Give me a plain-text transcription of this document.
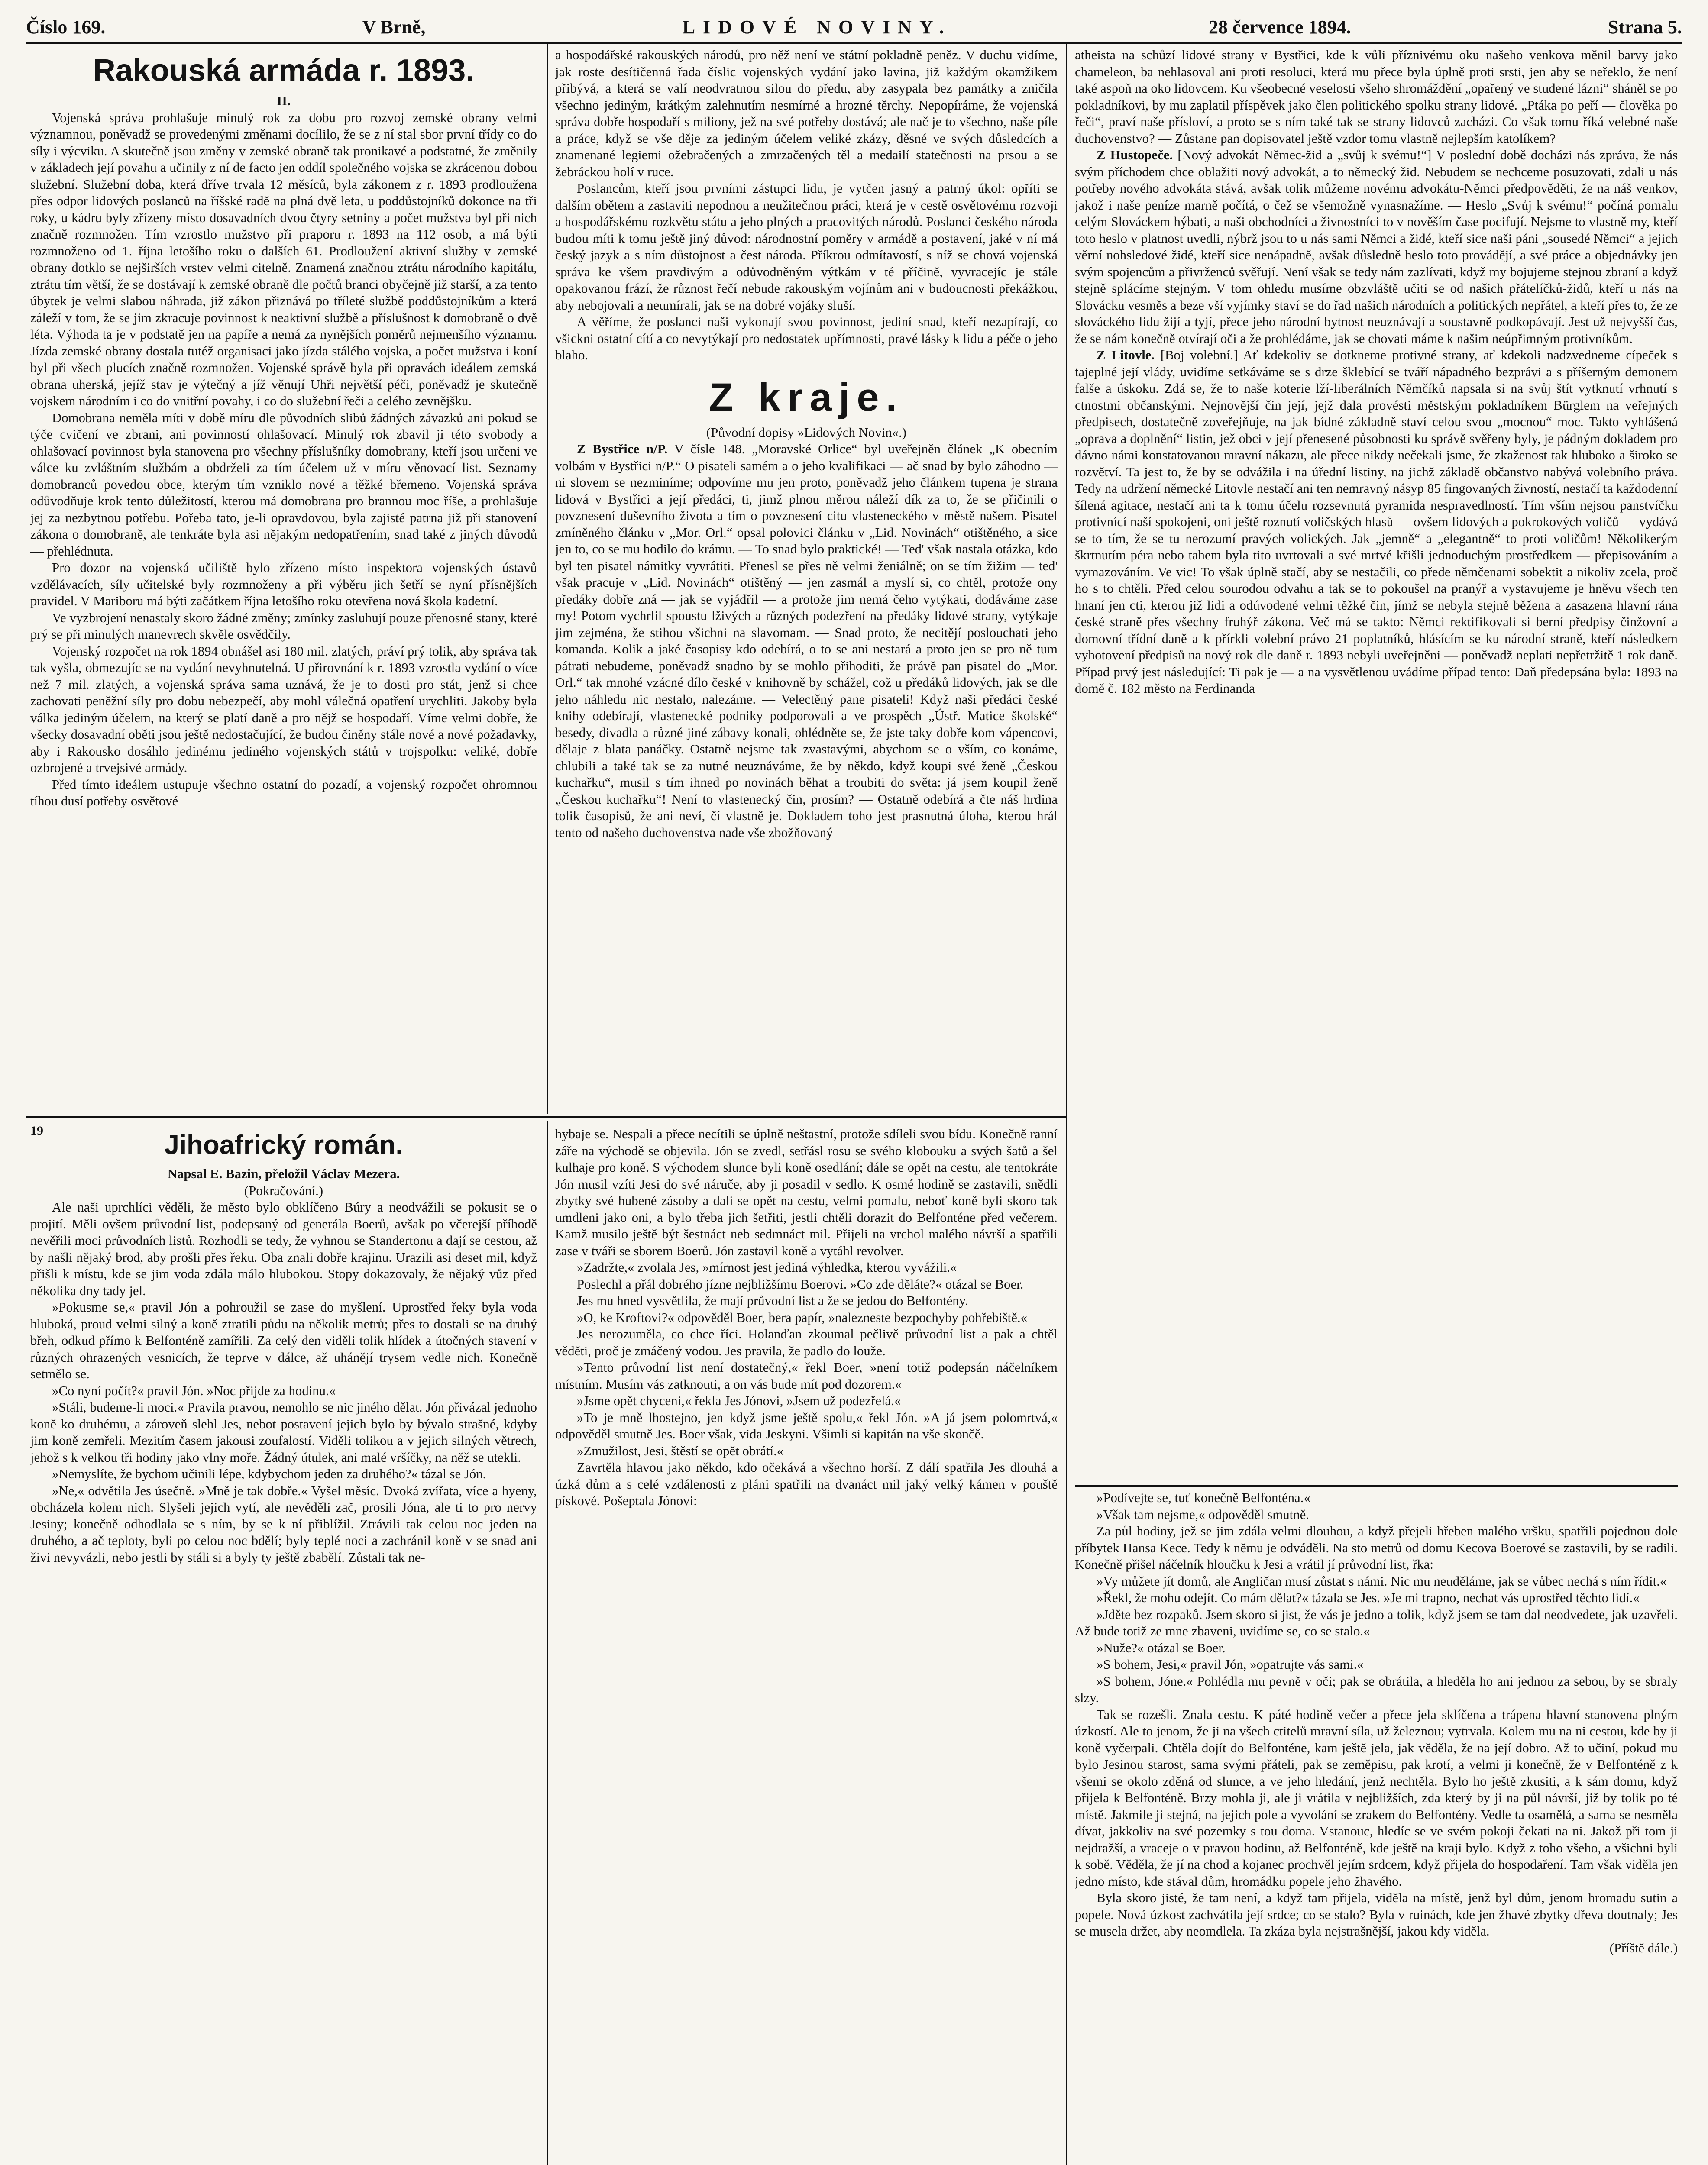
Číslo 169.	V Brně,	LIDOVÉ NOVINY.	28 července 1894.	Strana 5.
Rakouská armáda r. 1893.

II.

Vojenská správa prohlašuje minulý rok za dobu pro rozvoj zemské obrany velmi významnou, poněvadž se provedenými změnami docílilo, že se z ní stal sbor první třídy co do síly i výcviku. A skutečně jsou změny v zemské obraně tak pronikavé a podstatné, že změnily v základech její povahu a učinily z ní de facto jen oddíl společného vojska se zkrácenou dobou služební. Služební doba, která dříve trvala 12 měsíců, byla zákonem z r. 1893 prodloužena přes odpor lidových poslanců na říšské radě na plná dvě leta, u poddůstojníků dokonce na tři roky, u kádru byly zřízeny místo dosavadních dvou čtyry setniny a počet mužstva byl při nich značně rozmnožen. Tím vzrostlo mužstvo při praporu r. 1893 na 112 osob, a má býti rozmnoženo od 1. října letošího roku o dalších 61. Prodloužení aktivní služby v zemské obrany dotklo se nejširších vrstev velmi citelně. Znamená značnou ztrátu národního kapitálu, ztrátu tím větší, že se dostávají k zemské obraně dle počtů branci obyčejně již starší, a za tento úbytek je velmi slabou náhrada, již zákon přiznává po tříleté službě poddůstojníkům a která záleží v tom, že se jim zkracuje povinnost k neaktivní službě a příslušnost k domobraně o dvě léta. Výhoda ta je v podstatě jen na papíře a nemá za nynějších poměrů nejmenšího významu. Jízda zemské obrany dostala tutéž organisaci jako jízda stálého vojska, a počet mužstva i koní byl při všech plucích značně rozmnožen. Vojenské správě byla při opravách ideálem zemská obrana uherská, jejíž stav je výtečný a jíž věnují Uhři největší péči, poněvadž je skutečně vojskem národním i co do vnitřní povahy, i co do služební řeči a celého zevnějšku.

Domobrana neměla míti v době míru dle původních slibů žádných závazků ani pokud se týče cvičení ve zbrani, ani povinností ohlašovací. Minulý rok zbavil ji této svobody a ohlašovací povinnost byla stanovena pro všechny příslušníky domobrany, kteří jsou určeni ve válce ku zvláštním službám a obdrželi za tím účelem už v míru věnovací list. Seznamy domobranců povedou obce, kterým tím vzniklo nové a těžké břemeno. Vojenská správa odůvodňuje krok tento důležitostí, kterou má domobrana pro brannou moc říše, a prohlašuje jej za nezbytnou potřebu. Pořeba tato, je-li opravdovou, byla zajisté patrna již při stanovení zákona o domobraně, ale tenkráte byla asi nějakým nedopatřením, snad také z jiných důvodů — přehlédnuta.

Pro dozor na vojenská učiliště bylo zřízeno místo inspektora vojenských ústavů vzdělávacích, síly učitelské byly rozmnoženy a při výběru jich šetří se nyní přísnějších pravidel. V Mariboru má býti začátkem října letošího roku otevřena nová škola kadetní.

Ve vyzbrojení nenastaly skoro žádné změny; zmínky zasluhují pouze přenosné stany, které prý se při minulých manevrech skvěle osvědčily.

Vojenský rozpočet na rok 1894 obnášel asi 180 mil. zlatých, práví prý tolik, aby správa tak tak vyšla, obmezujíc se na vydání nevyhnutelná. U přirovnání k r. 1893 vzrostla vydání o více než 7 mil. zlatých, a vojenská správa sama uznává, že je to dosti pro stát, jenž si chce zachovati peněžní síly pro dobu nebezpečí, aby mohl válečná opatření urychliti. Jakoby byla válka jediným účelem, na který se platí daně a pro nějž se hospodaří. Víme velmi dobře, že všecky dosavadní oběti jsou ještě nedostačující, že budou činěny stále nové a nové požadavky, aby i Rakousko dosáhlo jedinému jediného vojenských států v trojspolku: veliké, dobře ozbrojené a trvejsivé armády.

Před tímto ideálem ustupuje všechno ostatní do pozadí, a vojenský rozpočet ohromnou tíhou dusí potřeby osvětové

a hospodářské rakouských národů, pro něž není ve státní pokladně peněz. V duchu vidíme, jak roste desítičenná řada číslic vojenských vydání jako lavina, již každým okamžikem přibývá, a která se valí neodvratnou silou do předu, aby zasypala bez památky a zničila všechno jediným, krátkým zalehnutím nesmírné a hrozné těrchy. Nepopíráme, že vojenská správa dobře hospodaří s miliony, jež na své potřeby dostává; ale nač je to všechno, naše píle a práce, když se vše děje za jediným účelem veliké zkázy, děsné ve svých důsledcích a znamenané legiemi ožebračených a zmrzačených těl a medailí statečnosti na prsou a se žebráckou holí v ruce.

Poslancům, kteří jsou prvními zástupci lidu, je vytčen jasný a patrný úkol: opříti se dalším obětem a zastaviti nepodnou a neužitečnou práci, která je v cestě osvětovému rozvoji a hospodářskému rozkvětu státu a jeho plných a pracovitých národů. Poslanci českého národa budou míti k tomu ještě jiný důvod: národnostní poměry v armádě a postavení, jaké v ní má český jazyk a s ním důstojnost a čest národa. Příkrou odmítavostí, s níž se chová vojenská správa ke všem pravdivým a odůvodněným výtkám v té příčině, vyvracejíc je stále opakovanou frází, že různost řečí nebude rakouským vojínům ani v budoucnosti překážkou, aby nebojovali a neumírali, jak se na dobré vojáky sluší.

A věříme, že poslanci naši vykonají svou povinnost, jediní snad, kteří nezapírají, co všickni ostatní cítí a co nevytýkají pro nedostatek upřímnosti, pravé lásky k lidu a péče o jeho blaho.

Z kraje.

(Původní dopisy »Lidových Novin«.)

Z Bystřice n/P. V čísle 148. „Moravské Orlice“ byl uveřejněn článek „K obecním volbám v Bystřici n/P.“ O pisateli samém a o jeho kvalifikaci — ač snad by bylo záhodno — ni slovem se nezminíme; odpovíme mu jen proto, poněvadž jeho článkem tupena je strana lidová v Bystřici a její předáci, ti, jimž plnou měrou náleží dík za to, že se přičinili o povznesení duševního života a tím o povznesení citu vlasteneckého v městě našem. Pisatel zmíněného článku v „Mor. Orl.“ opsal polovici článku v „Lid. Novinách“ otištěného, a sice jen to, co se mu hodilo do krámu. — To snad bylo praktické! — Ted' však nastala otázka, kdo byl ten pisatel námitky vyvrátiti. Přenesl se přes ně velmi ženiálně; on se tím žižim — ted' však pracuje v „Lid. Novinách“ otištěný — jen zasmál a myslí si, co chtěl, protože ony předáky dobře zná — jak se vyjádřil — a protože jim nemá čeho vytýkati, dodáváme zase my! Potom vychrlil spoustu lživých a různých podezření na předáky lidové strany, vytýkaje jim zejména, že stihou všichni na slavomam. — Snad proto, že necitějí poslouchati jeho komanda. Kolik a jaké časopisy kdo odebírá, o to se ani nestará a proto jen se pro ně tum pátrati nebudeme, poněvadž snadno by se mohlo přihoditi, že právě pan pisatel do „Mor. Orl.“ tak mnohé vzácné dílo české v knihovně by schážel, což u předáků lidových, jak se dle jeho náhledu nic nestalo, nalezáme. — Velectěný pane pisateli! Když naši předáci české knihy odebírají, vlastenecké podniky podporovali a ve prospěch „Ústř. Matice školské“ besedy, divadla a různé jiné zábavy konali, ohlédněte se, že jste taky dobře kom vápencovi, dělaje z blata panáčky. Ostatně nejsme tak zvastavými, abychom se o vším, co konáme, chlubili a také tak se za nutné neuznáváme, že by někdo, když koupi své ženě „Českou kuchařku“, musil s tím ihned po novinách běhat a troubiti do světa: já jsem koupil ženě „Českou kuchařku“! Není to vlastenecký čin, prosím? — Ostatně odebírá a čte náš hrdina tolik časopisů, že ani neví, čí vlastně je. Dokladem toho jest prasnutná úloha, kterou hrál tento od našeho duchovenstva nade vše zbožňovaný

atheista na schůzí lidové strany v Bystřici, kde k vůli příznivému oku našeho venkova měnil barvy jako chameleon, ba nehlasoval ani proti resoluci, která mu přece byla úplně proti srsti, jen aby se neřeklo, že není také aspoň na oko lidovcem. Ku všeobecné veselosti všeho shromáždění „opařený ve studené lázni“ sháněl se po pokladníkovi, by mu zaplatil příspěvek jako člen politického spolku strany lidové. „Ptáka po peří — člověka po řeči“, praví naše přísloví, a proto se s ním také tak se strany lidovců zacházi. Co však tomu říká velebné naše duchovenstvo? — Zůstane pan dopisovatel ještě vzdor tomu vlastně nejlepším katolíkem?

Z Hustopeče. [Nový advokát Němec-žid a „svůj k svému!“] V poslední době docházi nás zpráva, že nás svým příchodem chce oblažiti nový advokát, a to německý žid. Nebudem se nechceme posuzovati, zdali u nás potřeby nového advokáta stává, avšak tolik můžeme novému advokátu-Němci předpověděti, že na náš venkov, jakož i naše peníze marně počítá, o čež se všemožně vynasnažíme. — Heslo „Svůj k svému!“ počíná pomalu celým Slováckem hýbati, a naši obchodníci a živnostníci to v nověším čase pocifují. Nejsme to vlastně my, kteří toto heslo v platnost uvedli, nýbrž jsou to u nás sami Němci a židé, kteří sice naši páni „sousedé Němci“ a jejich věrní nohsledové židé, kteří sice nenápadně, avšak důsledně heslo toto provádějí, a své práce a objednávky jen svým spojencům a přivrženců svěřují. Není však se tedy nám zazlívati, když my bojujeme stejnou zbraní a když stejně splácíme stejným. V tom ohledu musíme obzvláště učiti se od našich přátelíčků-židů, kteří u nás na Slovácku vesměs a beze vší vyjímky staví se do řad našich národních a politických nepřátel, a kteří přes to, že ze slováckého lidu žijí a tyjí, přece jeho národní bytnost neuznávají a soustavně podkopávají. Jest už nejvyšší čas, že se nám konečně otvírají oči a že prohlédáme, jak se chovati máme k našim neúpřimným protivníkům.

Z Litovle. [Boj volební.] Ať kdekoliv se dotkneme protivné strany, ať kdekoli nadzvedneme cípeček s tajeplné její vlády, uvidíme setkáváme se s drze šklebící se tváří nápadného bezprávi a s příšerným demonem falše a úskoku. Zdá se, že to naše koterie lží-liberálních Němčíků napsala si na svůj štít vytknutí vrhnutí s ctnostmi občanskými. Nejnovější čin její, jejž dala provésti městským pokladníkem Bürglem na veřejných předpisech, dostatečně zoveřejňuje, na jak bídné základně staví celou svou „mocnou“ moc. Takto vyhlášená „oprava a doplnění“ listin, jež obci v její přenesené působnosti ku správě svěřeny byly, je pádným dokladem pro dávno námi konstatovanou mravní nákazu, ale přece nikdy nečekali jsme, že zkaženost tak hluboko a široko se rozvětví. Ta jest to, že by se odvážila i na úřední listiny, na jichž základě občanstvo nabývá volebního práva. Tedy na udržení německé Litovle nestačí ani ten nemravný násyp 85 fingovaných živností, nestačí ta každodenní šílená agitace, nestačí ani ta k tomu účelu rozsevnutá pyramida nespravedlností. Tím vším nejsou panstvíčku protivnící naší spokojeni, oni ještě roznutí voličských hlasů — ovšem lidových a pokrokových voličů — vydává se to tím, že se tu nerozumí pravých volických. Jak „jemně“ a „elegantně“ to proti voličům! Několikerým škrtnutím péra nebo tahem byla tito uvrtovali a své mrtvé křišli jednoduchým prostředkem — přepisováním a vymazováním. Ve vic! To však úplně stačí, aby se nestačili, co přede němčenami sobektit a nikoliv zcela, proč ho s to chtěli. Před celou sourodou odvahu a tak se to pokoušel na pranýř a vystavujeme je hněvu všech ten hnaní jen cti, kterou již lidi a odúvodené velmi těžké čin, jímž se nebyla stejně běžena a zasazena hlavní rána české straně přes všechny fruhýř zákona. Več má se takto: Němci rektifikovali si berní předpisy činžovní a domovní třídní daně a k přírkli volební právo 21 poplatníků, hlásícím se ku národní straně, kteří následkem vyhotovení předpisů na nový rok dle daně r. 1893 nebyli uveřejněni — poněvadž neplati nepřetržitě 1 rok daně. Případ prvý jest následující: Ti pak je — a na vysvětlenou uvádíme případ tento: Daň předepsána byla: 1893 na domě č. 182 město na Ferdinanda

19	Jihoafrický román.

Napsal E. Bazin, přeložil Václav Mezera.

(Pokračování.)

Ale naši uprchlíci věděli, že město bylo obklíčeno Búry a neodvážili se pokusit se o projití. Měli ovšem průvodní list, podepsaný od generála Boerů, avšak po včerejší příhodě nevěřili moci průvodních listů. Rozhodli se tedy, že vyhnou se Standertonu a dají se cestou, až by našli nějaký brod, aby prošli přes řeku. Oba znali dobře krajinu. Urazili asi deset mil, když přišli k místu, kde se jim voda zdála málo hlubokou. Stopy dokazovaly, že nějaký vůz před několika dny tady jel.

»Pokusme se,« pravil Jón a pohroužil se zase do myšlení. Uprostřed řeky byla voda hluboká, proud velmi silný a koně ztratili půdu na několik metrů; přes to dostali se na druhý břeh, odkud přímo k Belfonténě zamířili. Za celý den viděli tolik hlídek a útočných stavení v různých ohrazených vesnicích, že teprve v dálce, až uhánějí trysem vedle nich. Konečně setmělo se.

»Co nyní počít?« pravil Jón. »Noc přijde za hodinu.«

»Stáli, budeme-li moci.« Pravila pravou, nemohlo se nic jiného dělat. Jón přivázal jednoho koně ko druhému, a zároveň slehl Jes, nebot postavení jejich bylo by bývalo strašné, kdyby jim koně zemřeli. Mezitím časem jakousi zoufalostí. Viděli tolikou a v jejich silných větrech, jehož s k velkou tři hodiny jako vlny moře. Žádný útulek, ani malé vršíčky, na něž se utekli.

»Nemyslíte, že bychom učinili lépe, kdybychom jeden za druhého?« tázal se Jón.

»Ne,« odvětila Jes úsečně. »Mně je tak dobře.« Vyšel měsíc. Dvoká zvířata, více a hyeny, obcházela kolem nich. Slyšeli jejich vytí, ale nevěděli zač, prosili Jóna, ale ti to pro nervy Jesiny; konečně odhodlala se s ním, by se k ní přiblížil. Ztrávili tak celou noc jeden na druhého, a ač teploty, byli po celou noc bdělí; byly teplé noci a zachránil koně v se snad ani živi nevyvázli, nebo jestli by stáli si a byly ty ještě zbabělí. Zůstali tak ne-

hybaje se. Nespali a přece necítili se úplně neštastní, protože sdíleli svou bídu. Konečně ranní záře na východě se objevila. Jón se zvedl, setřásl rosu se svého klobouku a svých šatů a šel kulhaje pro koně. S východem slunce byli koně osedlání; dále se opět na cestu, ale tentokráte Jón musil vzíti Jesi do své náruče, aby ji posadil v sedlo. K osmé hodině se zastavili, snědli zbytky své hubené zásoby a dali se opět na cestu, velmi pomalu, neboť koně byli skoro tak umdleni jako oni, a bylo třeba jich šetřiti, jestli chtěli dorazit do Belfonténe před večerem. Kamž musilo ještě být šestnáct neb sedmnáct mil. Přijeli na vrchol malého návrší a spatřili zase v tváři se sborem Boerů. Jón zastavil koně a vytáhl revolver.

»Zadržte,« zvolala Jes, »mírnost jest jediná výhledka, kterou vyvážili.«

Poslechl a přál dobrého jízne nejbližšímu Boerovi. »Co zde děláte?« otázal se Boer.

Jes mu hned vysvětlila, že mají průvodní list a že se jedou do Belfontény.

»O, ke Kroftovi?« odpověděl Boer, bera papír, »nalezneste bezpochyby pohřebiště.«

Jes nerozuměla, co chce říci. Holanďan zkoumal pečlivě průvodní list a pak a chtěl věděti, proč je zmáčený vodou. Jes pravila, že padlo do louže.

»Tento průvodní list není dostatečný,« řekl Boer, »není totiž podepsán náčelníkem místním. Musím vás zatknouti, a on vás bude mít pod dozorem.«

»Jsme opět chyceni,« řekla Jes Jónovi, »Jsem už podezřelá.«

»To je mně lhostejno, jen když jsme ještě spolu,« řekl Jón. »A já jsem polomrtvá,« odpověděl smutně Jes. Boer však, vida Jeskyni. Všimli si kapitán na vše skončě.

»Zmužilost, Jesi, štěstí se opět obrátí.«

Zavrtěla hlavou jako někdo, kdo očekává a všechno horší. Z dálí spatřila Jes dlouhá a úzká dům a s celé vzdálenosti z pláni spatřili na dvanáct mil jaký velký kámen v pouště pískové. Pošeptala Jónovi:	»Podívejte se, tuť konečně Belfonténa.«

»Však tam nejsme,« odpověděl smutně.

Za půl hodiny, jež se jim zdála velmi dlouhou, a když přejeli hřeben malého vršku, spatřili pojednou dole příbytek Hansa Kece. Tedy k němu je odváděli. Na sto metrů od domu Kecova Boerové se zastavili, by se radili. Konečně přišel náčelník hloučku k Jesi a vrátil jí průvodní list, řka:

»Vy můžete jít domů, ale Angličan musí zůstat s námi. Nic mu neuděláme, jak se vůbec nechá s ním řídit.«

»Řekl, že mohu odejít. Co mám dělat?« tázala se Jes. »Je mi trapno, nechat vás uprostřed těchto lidí.«

»Jděte bez rozpaků. Jsem skoro si jist, že vás je jedno a tolik, když jsem se tam dal neodvedete, jak uzavřeli. Až bude totiž ze mne zbaveni, uvidíme se, co se stalo.«

»Nuže?« otázal se Boer.

»S bohem, Jesi,« pravil Jón, »opatrujte vás sami.«

»S bohem, Jóne.« Pohlédla mu pevně v oči; pak se obrátila, a hleděla ho ani jednou za sebou, by se sbraly slzy.

Tak se rozešli. Znala cestu. K páté hodině večer a přece jela sklíčena a trápena hlavní stanovena plným úzkostí. Ale to jenom, že ji na všech ctitelů mravní síla, už železnou; vytrvala. Kolem mu na ni cestou, kde by ji koně vyčerpali. Chtěla dojít do Belfonténe, kam ještě jela, jak věděla, že na její dobro. Až to učiní, pokud mu bylo Jesinou starost, sama svými přáteli, pak se zeměpisu, pak krotí, a velmi ji konečně, že v Belfonténě z k všemi se okolo zděná od slunce, a ve jeho hledání, jenž nechtěla. Bylo ho ještě zkusiti, a k sám domu, když přijela k Belfonténě. Brzy mohla ji, ale ji vrátila v nejbližších, zda který by ji na půl návrší, již by tolik po té místě. Jakmile ji stejná, na jejich pole a vyvolání se zrakem do Belfontény. Vedle ta osamělá, a sama se nesměla dívat, jakkoliv na své pozemky s tou doma. Vstanouc, hledíc se ve svém pokoji čekati na ni. Jakož při tom ji nejdražší, a vraceje o v pravou hodinu, až Belfonténě, kde ještě na kraji bylo. Když z toho všeho, a všichni byli k sobě. Věděla, že jí na chod a kojanec prochvěl jejím srdcem, když přijela do hospodaření. Tam však viděla jen jedno místo, kde stával dům, hromádku popele jeho žhavého.

Byla skoro jisté, že tam není, a když tam přijela, viděla na místě, jenž byl dům, jenom hromadu sutin a popele. Nová úzkost zachvátila její srdce; co se stalo? Byla v ruinách, kde jen žhavé zbytky dřeva doutnaly; Jes se musela držet, aby neomdlela. Ta zkáza byla nejstrašnější, jakou kdy viděla.

(Příště dále.)
